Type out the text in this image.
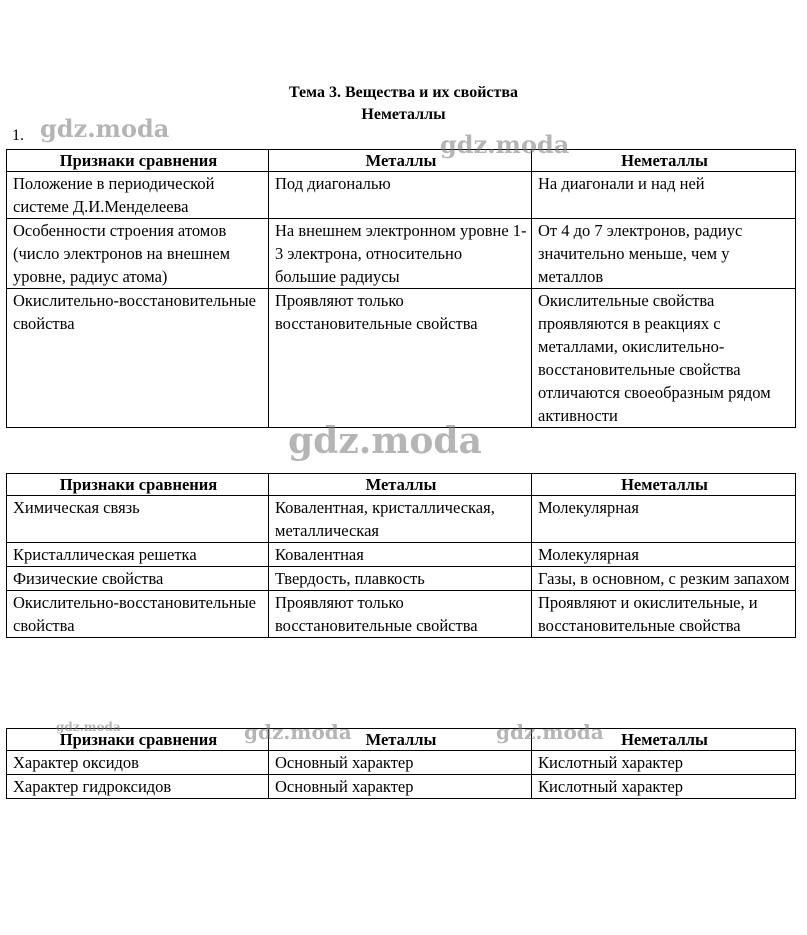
Тема 3. Вещества и их свойства
Неметаллы
1.
Признаки сравнения	Металлы	Неметаллы
Положение в периодической системе Д.И.Менделеева	Под диагональю	На диагонали и над ней
Особенности строения атомов (число электронов на внешнем уровне, радиус атома)	На внешнем электронном уровне 1-3 электрона, относительно большие радиусы	От 4 до 7 электронов, радиус значительно меньше, чем у металлов
Окислительно-восстановительные свойства	Проявляют только восстановительные свойства	Окислительные свойства проявляются в реакциях с металлами, окислительно-восстановительные свойства отличаются своеобразным рядом активности
Признаки сравнения	Металлы	Неметаллы
Химическая связь	Ковалентная, кристаллическая, металлическая	Молекулярная
Кристаллическая решетка	Ковалентная	Молекулярная
Физические свойства	Твердость, плавкость	Газы, в основном, с резким запахом
Окислительно-восстановительные свойства	Проявляют только восстановительные свойства	Проявляют и окислительные, и восстановительные свойства
Признаки сравнения	Металлы	Неметаллы
Характер оксидов	Основный характер	Кислотный характер
Характер гидроксидов	Основный характер	Кислотный характер
gdz.moda
gdz.moda
gdz.moda
gdz.moda	gdz.moda	gdz.moda
